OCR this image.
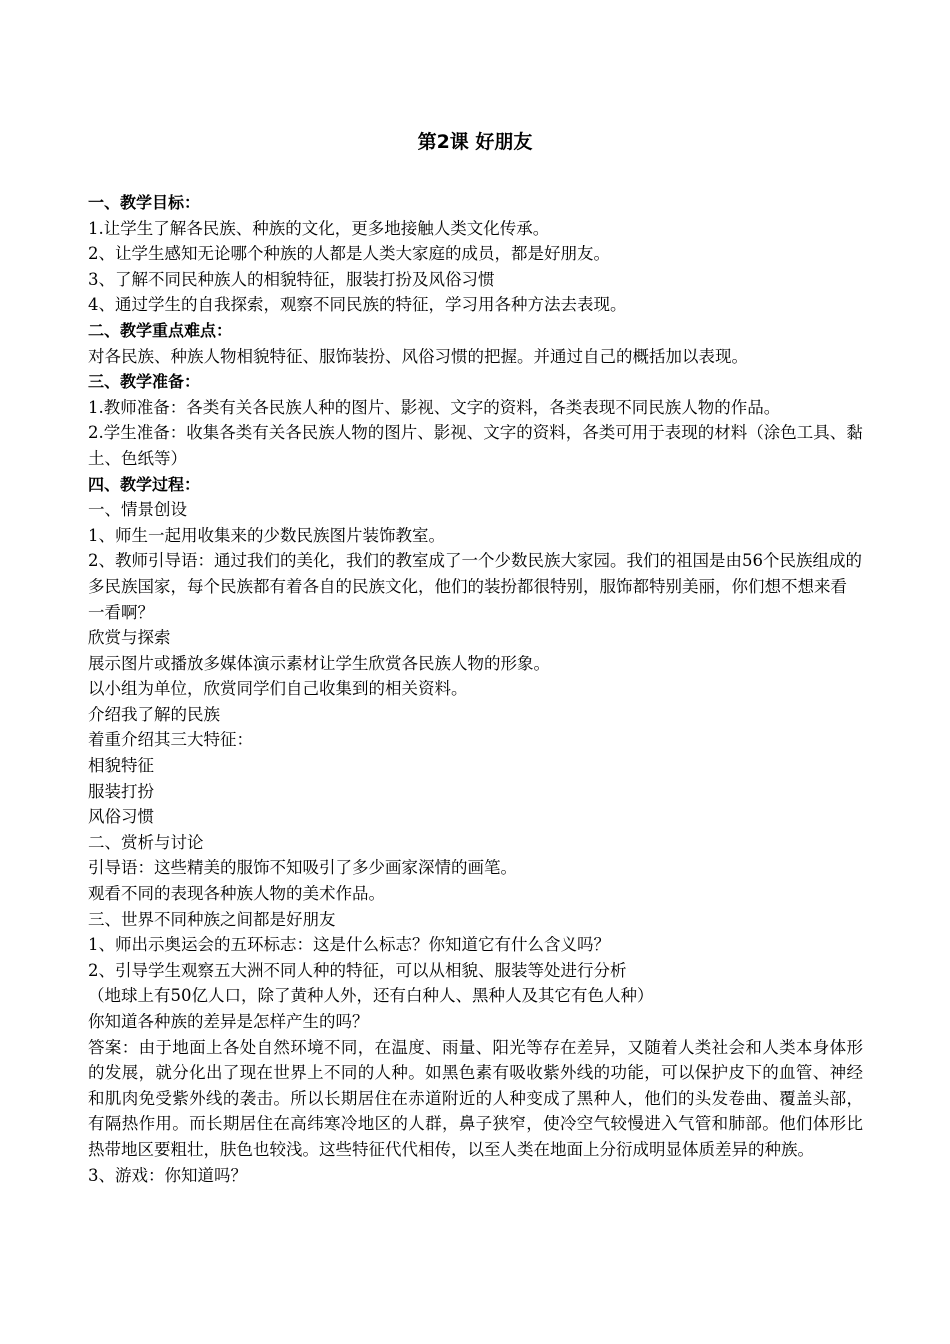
第2课 好朋友

一、教学目标：

1.让学生了解各民族、种族的文化，更多地接触人类文化传承。

2、让学生感知无论哪个种族的人都是人类大家庭的成员，都是好朋友。

3、了解不同民种族人的相貌特征，服装打扮及风俗习惯

4、通过学生的自我探索，观察不同民族的特征，学习用各种方法去表现。

二、教学重点难点：

对各民族、种族人物相貌特征、服饰装扮、风俗习惯的把握。并通过自己的概括加以表现。

三、教学准备：

1.教师准备：各类有关各民族人种的图片、影视、文字的资料，各类表现不同民族人物的作品。

2.学生准备：收集各类有关各民族人物的图片、影视、文字的资料，各类可用于表现的材料（涂色工具、黏土、色纸等）

四、教学过程：

一、情景创设

1、师生一起用收集来的少数民族图片装饰教室。

2、教师引导语：通过我们的美化，我们的教室成了一个少数民族大家园。我们的祖国是由56个民族组成的多民族国家，每个民族都有着各自的民族文化，他们的装扮都很特别，服饰都特别美丽，你们想不想来看一看啊？

欣赏与探索

展示图片或播放多媒体演示素材让学生欣赏各民族人物的形象。

以小组为单位，欣赏同学们自己收集到的相关资料。

介绍我了解的民族

着重介绍其三大特征：

相貌特征

服装打扮

风俗习惯

二、赏析与讨论

引导语：这些精美的服饰不知吸引了多少画家深情的画笔。

观看不同的表现各种族人物的美术作品。

三、世界不同种族之间都是好朋友

1、师出示奥运会的五环标志：这是什么标志？你知道它有什么含义吗？

2、引导学生观察五大洲不同人种的特征，可以从相貌、服装等处进行分析

（地球上有50亿人口，除了黄种人外，还有白种人、黑种人及其它有色人种）

你知道各种族的差异是怎样产生的吗？

答案：由于地面上各处自然环境不同，在温度、雨量、阳光等存在差异，又随着人类社会和人类本身体形的发展，就分化出了现在世界上不同的人种。如黑色素有吸收紫外线的功能，可以保护皮下的血管、神经和肌肉免受紫外线的袭击。所以长期居住在赤道附近的人种变成了黑种人，他们的头发卷曲、覆盖头部，有隔热作用。而长期居住在高纬寒冷地区的人群，鼻子狭窄，使冷空气较慢进入气管和肺部。他们体形比热带地区要粗壮，肤色也较浅。这些特征代代相传，以至人类在地面上分衍成明显体质差异的种族。

3、游戏：你知道吗？
